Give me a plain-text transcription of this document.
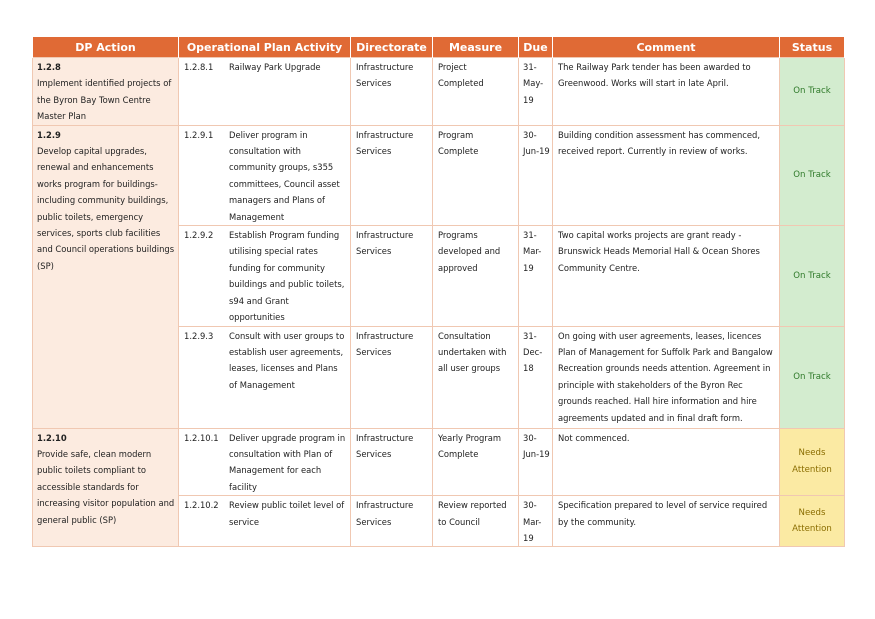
DP Action	Operational Plan Activity	Directorate	Measure	Due	Comment	Status

1.2.8
Implement identified projects of the Byron Bay Town Centre Master Plan	1.2.8.1 Railway Park Upgrade	Infrastructure Services	Project Completed	31-May-19	The Railway Park tender has been awarded to Greenwood. Works will start in late April.	On Track

1.2.9
Develop capital upgrades, renewal and enhancements works program for buildings-including community buildings, public toilets, emergency services, sports club facilities and Council operations buildings (SP)	1.2.9.1 Deliver program in consultation with community groups, s355 committees, Council asset managers and Plans of Management	Infrastructure Services	Program Complete	30-Jun-19	Building condition assessment has commenced, received report. Currently in review of works.	On Track

	1.2.9.2 Establish Program funding utilising special rates funding for community buildings and public toilets, s94 and Grant opportunities	Infrastructure Services	Programs developed and approved	31-Mar-19	Two capital works projects are grant ready - Brunswick Heads Memorial Hall & Ocean Shores Community Centre.	On Track

	1.2.9.3 Consult with user groups to establish user agreements, leases, licenses and Plans of Management	Infrastructure Services	Consultation undertaken with all user groups	31-Dec-18	On going with user agreements, leases, licences Plan of Management for Suffolk Park and Bangalow Recreation grounds needs attention. Agreement in principle with stakeholders of the Byron Rec grounds reached. Hall hire information and hire agreements updated and in final draft form.	On Track

1.2.10
Provide safe, clean modern public toilets compliant to accessible standards for increasing visitor population and general public (SP)	1.2.10.1 Deliver upgrade program in consultation with Plan of Management for each facility	Infrastructure Services	Yearly Program Complete	30-Jun-19	Not commenced.	Needs Attention

	1.2.10.2 Review public toilet level of service	Infrastructure Services	Review reported to Council	30-Mar-19	Specification prepared to level of service required by the community.	Needs Attention
